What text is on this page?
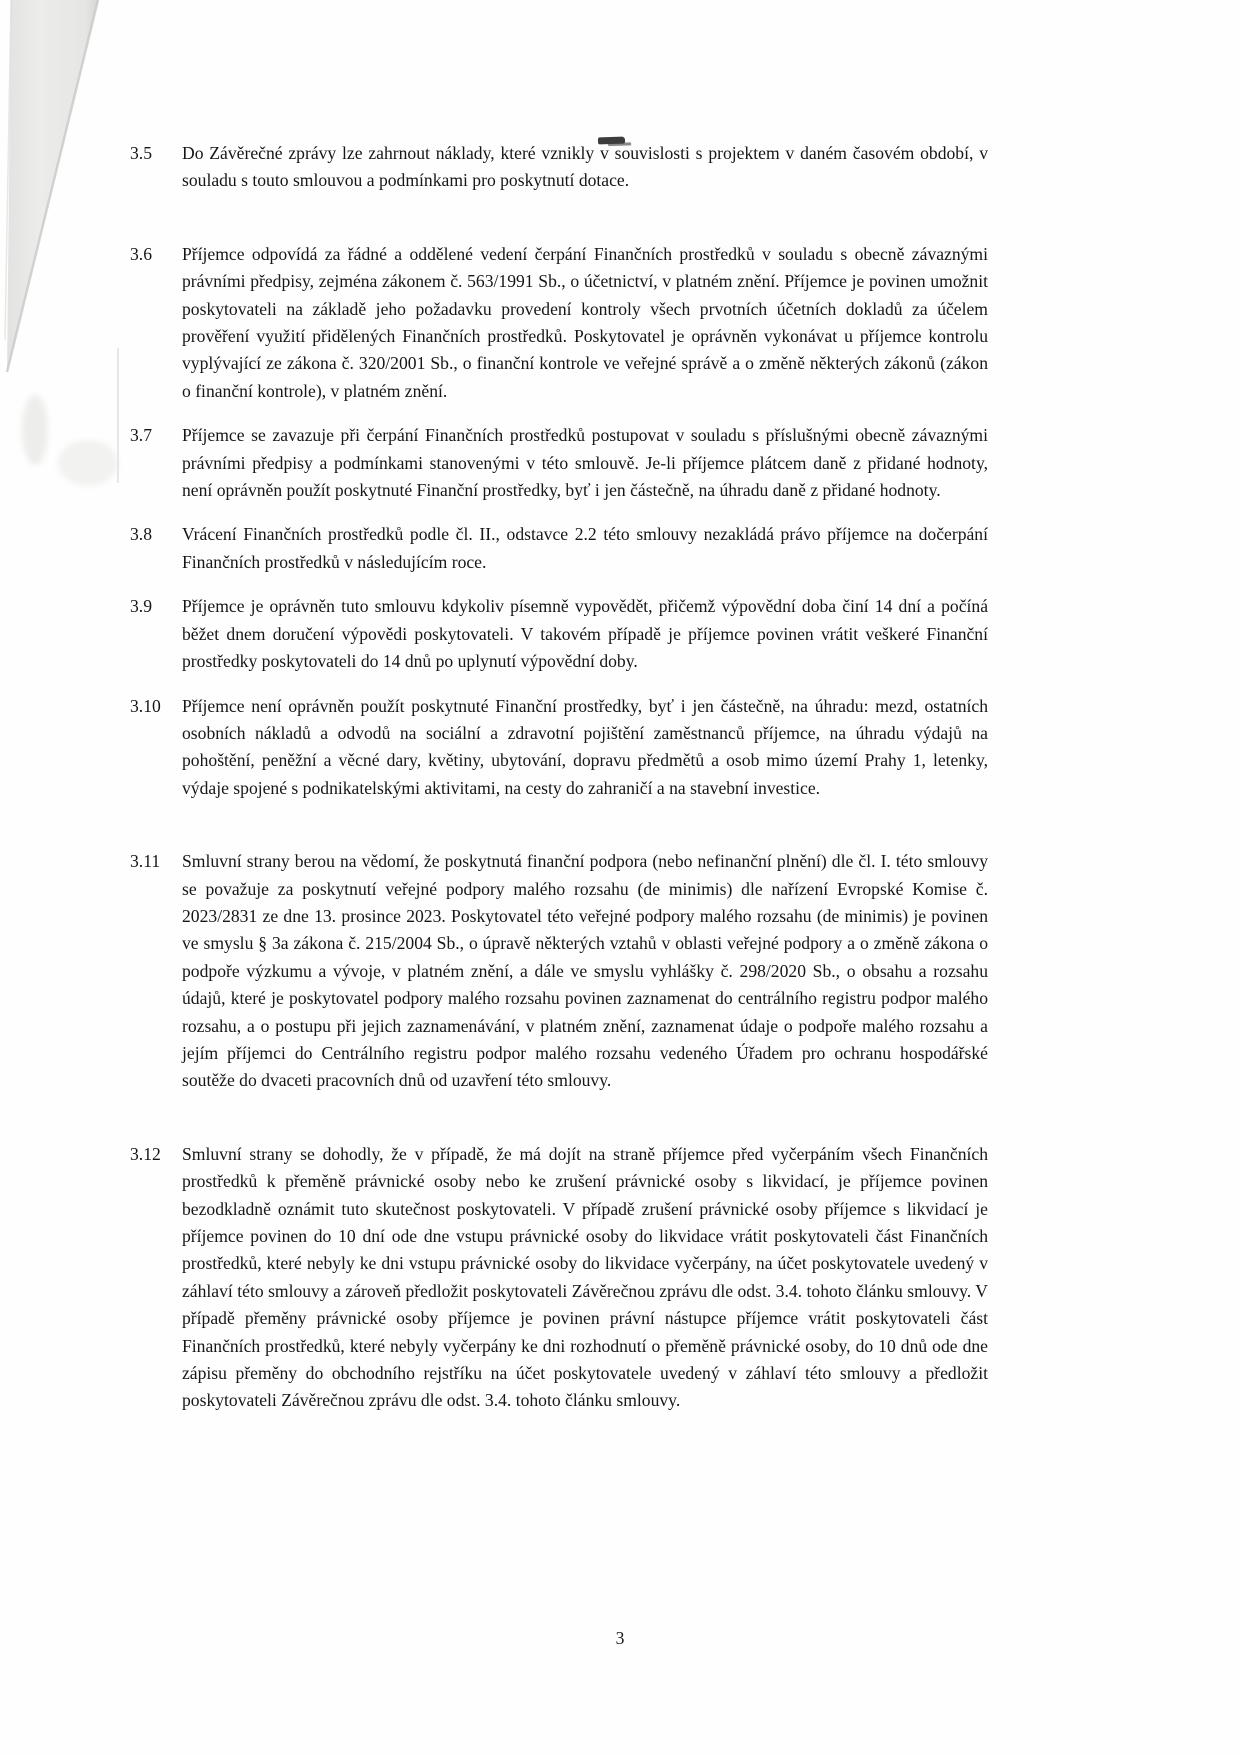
3.5	Do Závěrečné zprávy lze zahrnout náklady, které vznikly v souvislosti s projektem v daném časovém období, v souladu s touto smlouvou a podmínkami pro poskytnutí dotace.
3.6	Příjemce odpovídá za řádné a oddělené vedení čerpání Finančních prostředků v souladu s obecně závaznými právními předpisy, zejména zákonem č. 563/1991 Sb., o účetnictví, v platném znění. Příjemce je povinen umožnit poskytovateli na základě jeho požadavku provedení kontroly všech prvotních účetních dokladů za účelem prověření využití přidělených Finančních prostředků. Poskytovatel je oprávněn vykonávat u příjemce kontrolu vyplývající ze zákona č. 320/2001 Sb., o finanční kontrole ve veřejné správě a o změně některých zákonů (zákon o finanční kontrole), v platném znění.
3.7	Příjemce se zavazuje při čerpání Finančních prostředků postupovat v souladu s příslušnými obecně závaznými právními předpisy a podmínkami stanovenými v této smlouvě. Je-li příjemce plátcem daně z přidané hodnoty, není oprávněn použít poskytnuté Finanční prostředky, byť i jen částečně, na úhradu daně z přidané hodnoty.
3.8	Vrácení Finančních prostředků podle čl. II., odstavce 2.2 této smlouvy nezakládá právo příjemce na dočerpání Finančních prostředků v následujícím roce.
3.9	Příjemce je oprávněn tuto smlouvu kdykoliv písemně vypovědět, přičemž výpovědní doba činí 14 dní a počíná běžet dnem doručení výpovědi poskytovateli. V takovém případě je příjemce povinen vrátit veškeré Finanční prostředky poskytovateli do 14 dnů po uplynutí výpovědní doby.
3.10	Příjemce není oprávněn použít poskytnuté Finanční prostředky, byť i jen částečně, na úhradu: mezd, ostatních osobních nákladů a odvodů na sociální a zdravotní pojištění zaměstnanců příjemce, na úhradu výdajů na pohoštění, peněžní a věcné dary, květiny, ubytování, dopravu předmětů a osob mimo území Prahy 1, letenky, výdaje spojené s podnikatelskými aktivitami, na cesty do zahraničí a na stavební investice.
3.11	Smluvní strany berou na vědomí, že poskytnutá finanční podpora (nebo nefinanční plnění) dle čl. I. této smlouvy se považuje za poskytnutí veřejné podpory malého rozsahu (de minimis) dle nařízení Evropské Komise č. 2023/2831 ze dne 13. prosince 2023. Poskytovatel této veřejné podpory malého rozsahu (de minimis) je povinen ve smyslu § 3a zákona č. 215/2004 Sb., o úpravě některých vztahů v oblasti veřejné podpory a o změně zákona o podpoře výzkumu a vývoje, v platném znění, a dále ve smyslu vyhlášky č. 298/2020 Sb., o obsahu a rozsahu údajů, které je poskytovatel podpory malého rozsahu povinen zaznamenat do centrálního registru podpor malého rozsahu, a o postupu při jejich zaznamenávání, v platném znění, zaznamenat údaje o podpoře malého rozsahu a jejím příjemci do Centrálního registru podpor malého rozsahu vedeného Úřadem pro ochranu hospodářské soutěže do dvaceti pracovních dnů od uzavření této smlouvy.
3.12	Smluvní strany se dohodly, že v případě, že má dojít na straně příjemce před vyčerpáním všech Finančních prostředků k přeměně právnické osoby nebo ke zrušení právnické osoby s likvidací, je příjemce povinen bezodkladně oznámit tuto skutečnost poskytovateli. V případě zrušení právnické osoby příjemce s likvidací je příjemce povinen do 10 dní ode dne vstupu právnické osoby do likvidace vrátit poskytovateli část Finančních prostředků, které nebyly ke dni vstupu právnické osoby do likvidace vyčerpány, na účet poskytovatele uvedený v záhlaví této smlouvy a zároveň předložit poskytovateli Závěrečnou zprávu dle odst. 3.4. tohoto článku smlouvy. V případě přeměny právnické osoby příjemce je povinen právní nástupce příjemce vrátit poskytovateli část Finančních prostředků, které nebyly vyčerpány ke dni rozhodnutí o přeměně právnické osoby, do 10 dnů ode dne zápisu přeměny do obchodního rejstříku na účet poskytovatele uvedený v záhlaví této smlouvy a předložit poskytovateli Závěrečnou zprávu dle odst. 3.4. tohoto článku smlouvy.
3
